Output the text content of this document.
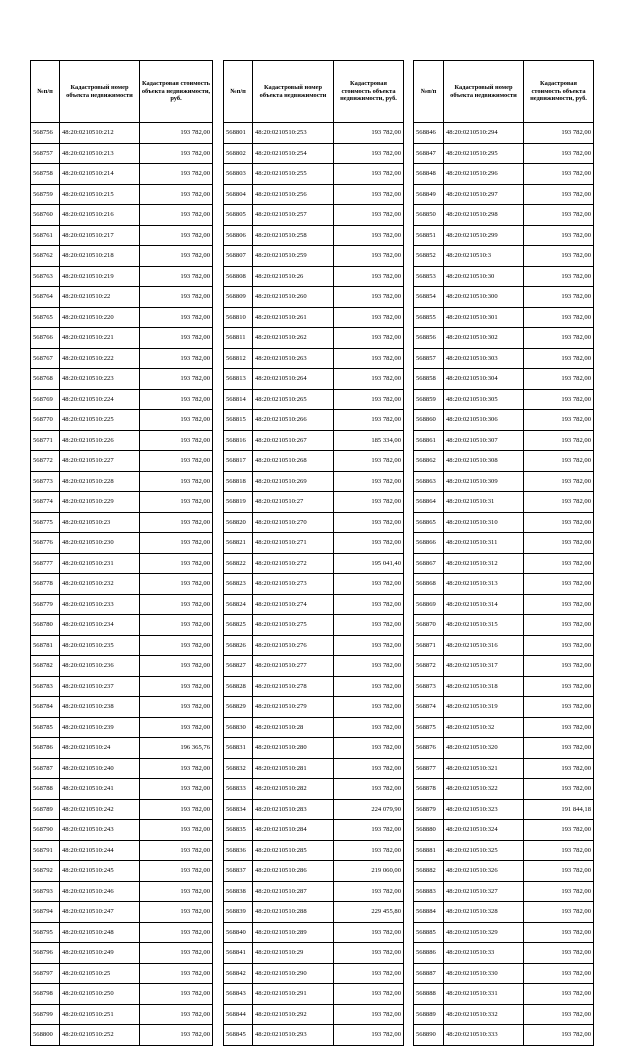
№п/п	Кадастровый номер объекта недвижимости	Кадастровая стоимость объекта недвижимости, руб.
568756	48:20:0210510:212	193 782,00
568757	48:20:0210510:213	193 782,00
568758	48:20:0210510:214	193 782,00
568759	48:20:0210510:215	193 782,00
568760	48:20:0210510:216	193 782,00
568761	48:20:0210510:217	193 782,00
568762	48:20:0210510:218	193 782,00
568763	48:20:0210510:219	193 782,00
568764	48:20:0210510:22	193 782,00
568765	48:20:0210510:220	193 782,00
568766	48:20:0210510:221	193 782,00
568767	48:20:0210510:222	193 782,00
568768	48:20:0210510:223	193 782,00
568769	48:20:0210510:224	193 782,00
568770	48:20:0210510:225	193 782,00
568771	48:20:0210510:226	193 782,00
568772	48:20:0210510:227	193 782,00
568773	48:20:0210510:228	193 782,00
568774	48:20:0210510:229	193 782,00
568775	48:20:0210510:23	193 782,00
568776	48:20:0210510:230	193 782,00
568777	48:20:0210510:231	193 782,00
568778	48:20:0210510:232	193 782,00
568779	48:20:0210510:233	193 782,00
568780	48:20:0210510:234	193 782,00
568781	48:20:0210510:235	193 782,00
568782	48:20:0210510:236	193 782,00
568783	48:20:0210510:237	193 782,00
568784	48:20:0210510:238	193 782,00
568785	48:20:0210510:239	193 782,00
568786	48:20:0210510:24	196 365,76
568787	48:20:0210510:240	193 782,00
568788	48:20:0210510:241	193 782,00
568789	48:20:0210510:242	193 782,00
568790	48:20:0210510:243	193 782,00
568791	48:20:0210510:244	193 782,00
568792	48:20:0210510:245	193 782,00
568793	48:20:0210510:246	193 782,00
568794	48:20:0210510:247	193 782,00
568795	48:20:0210510:248	193 782,00
568796	48:20:0210510:249	193 782,00
568797	48:20:0210510:25	193 782,00
568798	48:20:0210510:250	193 782,00
568799	48:20:0210510:251	193 782,00
568800	48:20:0210510:252	193 782,00
№п/п	Кадастровый номер объекта недвижимости	Кадастровая стоимость объекта недвижимости, руб.
568801	48:20:0210510:253	193 782,00
568802	48:20:0210510:254	193 782,00
568803	48:20:0210510:255	193 782,00
568804	48:20:0210510:256	193 782,00
568805	48:20:0210510:257	193 782,00
568806	48:20:0210510:258	193 782,00
568807	48:20:0210510:259	193 782,00
568808	48:20:0210510:26	193 782,00
568809	48:20:0210510:260	193 782,00
568810	48:20:0210510:261	193 782,00
568811	48:20:0210510:262	193 782,00
568812	48:20:0210510:263	193 782,00
568813	48:20:0210510:264	193 782,00
568814	48:20:0210510:265	193 782,00
568815	48:20:0210510:266	193 782,00
568816	48:20:0210510:267	185 334,00
568817	48:20:0210510:268	193 782,00
568818	48:20:0210510:269	193 782,00
568819	48:20:0210510:27	193 782,00
568820	48:20:0210510:270	193 782,00
568821	48:20:0210510:271	193 782,00
568822	48:20:0210510:272	195 041,40
568823	48:20:0210510:273	193 782,00
568824	48:20:0210510:274	193 782,00
568825	48:20:0210510:275	193 782,00
568826	48:20:0210510:276	193 782,00
568827	48:20:0210510:277	193 782,00
568828	48:20:0210510:278	193 782,00
568829	48:20:0210510:279	193 782,00
568830	48:20:0210510:28	193 782,00
568831	48:20:0210510:280	193 782,00
568832	48:20:0210510:281	193 782,00
568833	48:20:0210510:282	193 782,00
568834	48:20:0210510:283	224 079,90
568835	48:20:0210510:284	193 782,00
568836	48:20:0210510:285	193 782,00
568837	48:20:0210510:286	219 060,00
568838	48:20:0210510:287	193 782,00
568839	48:20:0210510:288	229 455,80
568840	48:20:0210510:289	193 782,00
568841	48:20:0210510:29	193 782,00
568842	48:20:0210510:290	193 782,00
568843	48:20:0210510:291	193 782,00
568844	48:20:0210510:292	193 782,00
568845	48:20:0210510:293	193 782,00
№п/п	Кадастровый номер объекта недвижимости	Кадастровая стоимость объекта недвижимости, руб.
568846	48:20:0210510:294	193 782,00
568847	48:20:0210510:295	193 782,00
568848	48:20:0210510:296	193 782,00
568849	48:20:0210510:297	193 782,00
568850	48:20:0210510:298	193 782,00
568851	48:20:0210510:299	193 782,00
568852	48:20:0210510:3	193 782,00
568853	48:20:0210510:30	193 782,00
568854	48:20:0210510:300	193 782,00
568855	48:20:0210510:301	193 782,00
568856	48:20:0210510:302	193 782,00
568857	48:20:0210510:303	193 782,00
568858	48:20:0210510:304	193 782,00
568859	48:20:0210510:305	193 782,00
568860	48:20:0210510:306	193 782,00
568861	48:20:0210510:307	193 782,00
568862	48:20:0210510:308	193 782,00
568863	48:20:0210510:309	193 782,00
568864	48:20:0210510:31	193 782,00
568865	48:20:0210510:310	193 782,00
568866	48:20:0210510:311	193 782,00
568867	48:20:0210510:312	193 782,00
568868	48:20:0210510:313	193 782,00
568869	48:20:0210510:314	193 782,00
568870	48:20:0210510:315	193 782,00
568871	48:20:0210510:316	193 782,00
568872	48:20:0210510:317	193 782,00
568873	48:20:0210510:318	193 782,00
568874	48:20:0210510:319	193 782,00
568875	48:20:0210510:32	193 782,00
568876	48:20:0210510:320	193 782,00
568877	48:20:0210510:321	193 782,00
568878	48:20:0210510:322	193 782,00
568879	48:20:0210510:323	191 844,18
568880	48:20:0210510:324	193 782,00
568881	48:20:0210510:325	193 782,00
568882	48:20:0210510:326	193 782,00
568883	48:20:0210510:327	193 782,00
568884	48:20:0210510:328	193 782,00
568885	48:20:0210510:329	193 782,00
568886	48:20:0210510:33	193 782,00
568887	48:20:0210510:330	193 782,00
568888	48:20:0210510:331	193 782,00
568889	48:20:0210510:332	193 782,00
568890	48:20:0210510:333	193 782,00
